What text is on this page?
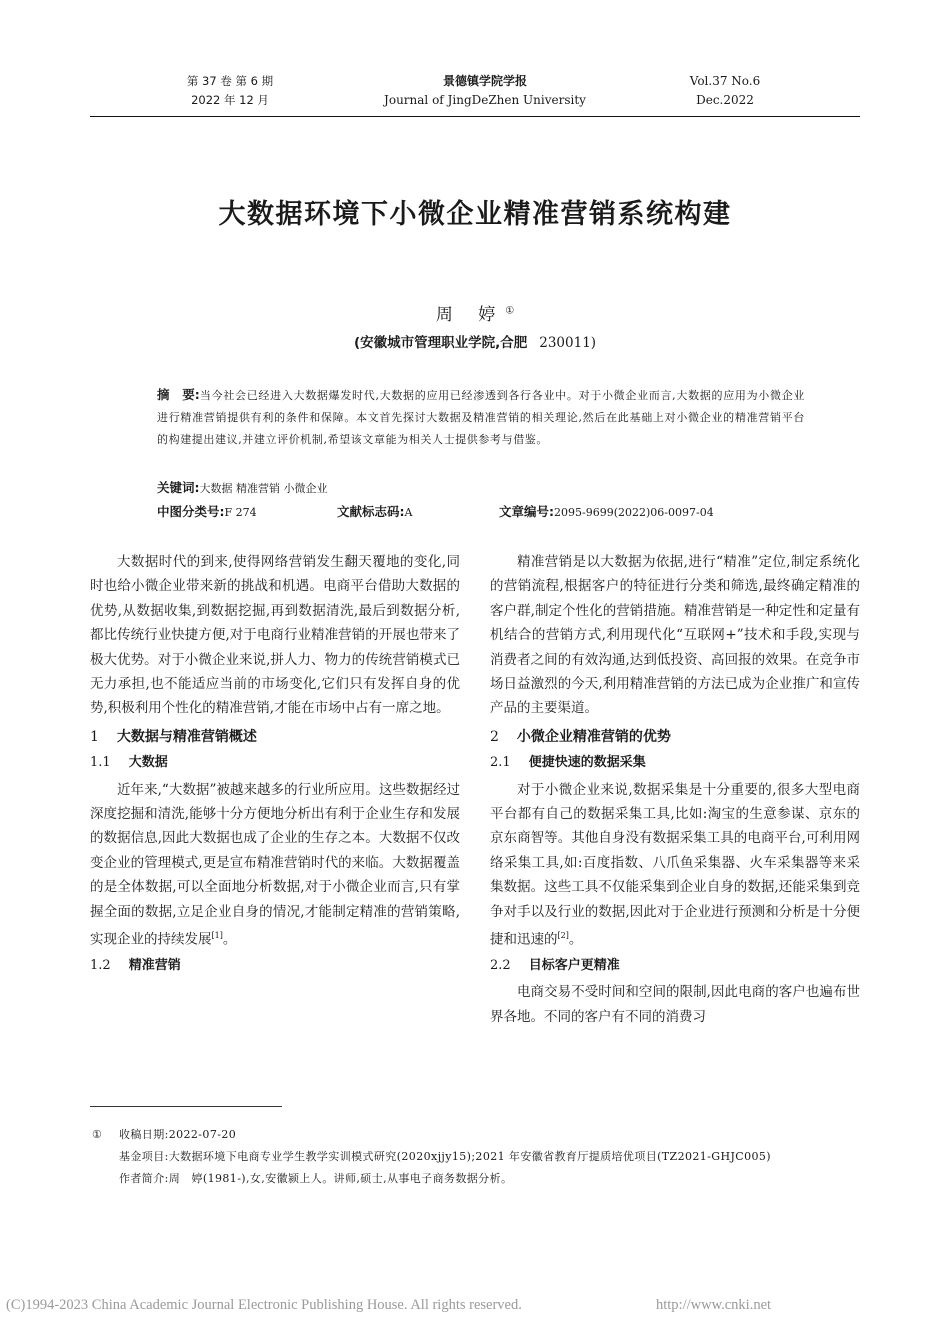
第 37 卷 第 6 期
2022 年 12 月
景德镇学院学报
Journal of JingDeZhen University
Vol.37 No.6
Dec.2022
大数据环境下小微企业精准营销系统构建
周 婷①
(安徽城市管理职业学院,合肥 230011)
摘　要:当今社会已经进入大数据爆发时代,大数据的应用已经渗透到各行各业中。对于小微企业而言,大数据的应用为小微企业进行精准营销提供有利的条件和保障。本文首先探讨大数据及精准营销的相关理论,然后在此基础上对小微企业的精准营销平台的构建提出建议,并建立评价机制,希望该文章能为相关人士提供参考与借鉴。
关键词:大数据 精准营销 小微企业
中图分类号:F 274	文献标志码:A	文章编号:2095-9699(2022)06-0097-04

大数据时代的到来,使得网络营销发生翻天覆地的变化,同时也给小微企业带来新的挑战和机遇。电商平台借助大数据的优势,从数据收集,到数据挖掘,再到数据清洗,最后到数据分析,都比传统行业快捷方便,对于电商行业精准营销的开展也带来了极大优势。对于小微企业来说,拼人力、物力的传统营销模式已无力承担,也不能适应当前的市场变化,它们只有发挥自身的优势,积极利用个性化的精准营销,才能在市场中占有一席之地。

1 大数据与精准营销概述
1.1 大数据

近年来,“大数据”被越来越多的行业所应用。这些数据经过深度挖掘和清洗,能够十分方便地分析出有利于企业生存和发展的数据信息,因此大数据也成了企业的生存之本。大数据不仅改变企业的管理模式,更是宣布精准营销时代的来临。大数据覆盖的是全体数据,可以全面地分析数据,对于小微企业而言,只有掌握全面的数据,立足企业自身的情况,才能制定精准的营销策略,实现企业的持续发展[1]。

1.2 精准营销

精准营销是以大数据为依据,进行“精准”定位,制定系统化的营销流程,根据客户的特征进行分类和筛选,最终确定精准的客户群,制定个性化的营销措施。精准营销是一种定性和定量有机结合的营销方式,利用现代化“互联网+”技术和手段,实现与消费者之间的有效沟通,达到低投资、高回报的效果。在竞争市场日益激烈的今天,利用精准营销的方法已成为企业推广和宣传产品的主要渠道。

2 小微企业精准营销的优势
2.1 便捷快速的数据采集

对于小微企业来说,数据采集是十分重要的,很多大型电商平台都有自己的数据采集工具,比如:淘宝的生意参谋、京东的京东商智等。其他自身没有数据采集工具的电商平台,可利用网络采集工具,如:百度指数、八爪鱼采集器、火车采集器等来采集数据。这些工具不仅能采集到企业自身的数据,还能采集到竞争对手以及行业的数据,因此对于企业进行预测和分析是十分便捷和迅速的[2]。

2.2 目标客户更精准

电商交易不受时间和空间的限制,因此电商的客户也遍布世界各地。不同的客户有不同的消费习

① 收稿日期:2022-07-20
基金项目:大数据环境下电商专业学生教学实训模式研究(2020xjjy15);2021 年安徽省教育厅提质培优项目(TZ2021-GHJC005)
作者简介:周　婷(1981-),女,安徽颍上人。讲师,硕士,从事电子商务数据分析。
(C)1994-2023 China Academic Journal Electronic Publishing House. All rights reserved.	http://www.cnki.net
